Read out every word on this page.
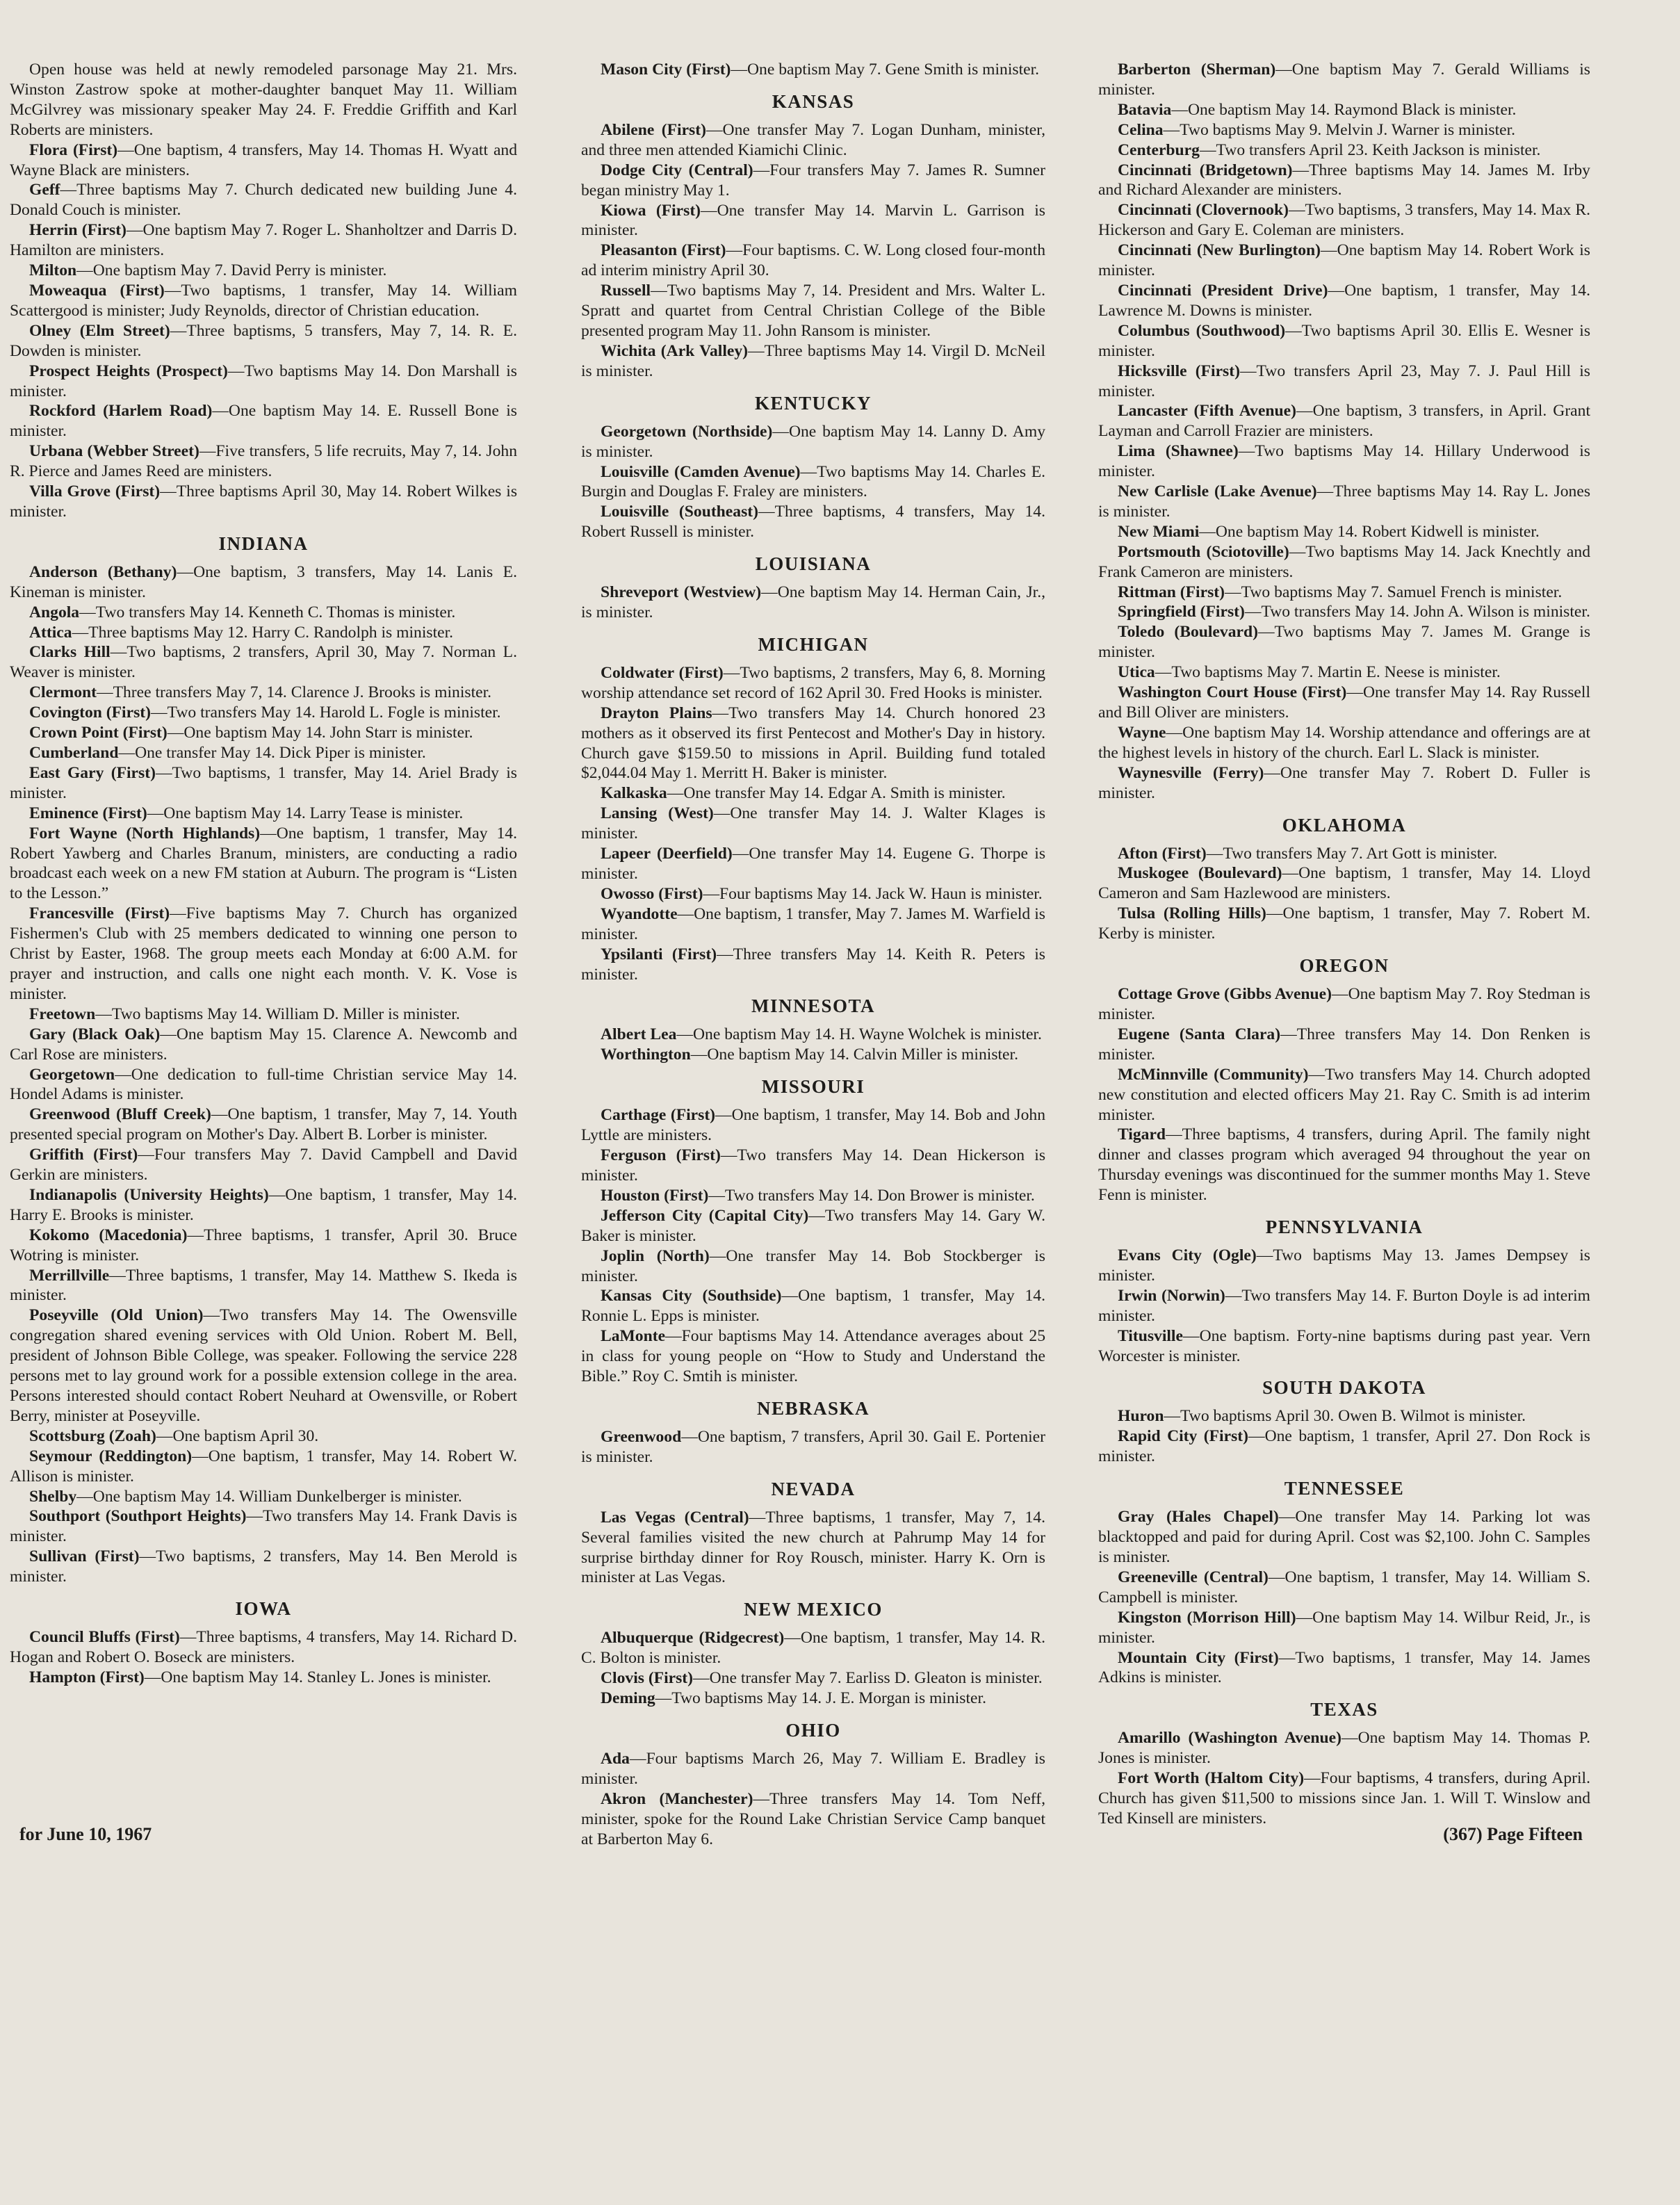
Open house was held at newly remodeled parsonage May 21. Mrs. Winston Zastrow spoke at mother-daughter banquet May 11. William McGilvrey was missionary speaker May 24. F. Freddie Griffith and Karl Roberts are ministers.

Flora (First)—One baptism, 4 transfers, May 14. Thomas H. Wyatt and Wayne Black are ministers.

Geff—Three baptisms May 7. Church dedicated new building June 4. Donald Couch is minister.

Herrin (First)—One baptism May 7. Roger L. Shanholtzer and Darris D. Hamilton are ministers.

Milton—One baptism May 7. David Perry is minister.

Moweaqua (First)—Two baptisms, 1 transfer, May 14. William Scattergood is minister; Judy Reynolds, director of Christian education.

Olney (Elm Street)—Three baptisms, 5 transfers, May 7, 14. R. E. Dowden is minister.

Prospect Heights (Prospect)—Two baptisms May 14. Don Marshall is minister.

Rockford (Harlem Road)—One baptism May 14. E. Russell Bone is minister.

Urbana (Webber Street)—Five transfers, 5 life recruits, May 7, 14. John R. Pierce and James Reed are ministers.

Villa Grove (First)—Three baptisms April 30, May 14. Robert Wilkes is minister.

INDIANA

Anderson (Bethany)—One baptism, 3 transfers, May 14. Lanis E. Kineman is minister.

Angola—Two transfers May 14. Kenneth C. Thomas is minister.

Attica—Three baptisms May 12. Harry C. Randolph is minister.

Clarks Hill—Two baptisms, 2 transfers, April 30, May 7. Norman L. Weaver is minister.

Clermont—Three transfers May 7, 14. Clarence J. Brooks is minister.

Covington (First)—Two transfers May 14. Harold L. Fogle is minister.

Crown Point (First)—One baptism May 14. John Starr is minister.

Cumberland—One transfer May 14. Dick Piper is minister.

East Gary (First)—Two baptisms, 1 transfer, May 14. Ariel Brady is minister.

Eminence (First)—One baptism May 14. Larry Tease is minister.

Fort Wayne (North Highlands)—One baptism, 1 transfer, May 14. Robert Yawberg and Charles Branum, ministers, are conducting a radio broadcast each week on a new FM station at Auburn. The program is “Listen to the Lesson.”

Francesville (First)—Five baptisms May 7. Church has organized Fishermen's Club with 25 members dedicated to winning one person to Christ by Easter, 1968. The group meets each Monday at 6:00 A.M. for prayer and instruction, and calls one night each month. V. K. Vose is minister.

Freetown—Two baptisms May 14. William D. Miller is minister.

Gary (Black Oak)—One baptism May 15. Clarence A. Newcomb and Carl Rose are ministers.

Georgetown—One dedication to full-time Christian service May 14. Hondel Adams is minister.

Greenwood (Bluff Creek)—One baptism, 1 transfer, May 7, 14. Youth presented special program on Mother's Day. Albert B. Lorber is minister.

Griffith (First)—Four transfers May 7. David Campbell and David Gerkin are ministers.

Indianapolis (University Heights)—One baptism, 1 transfer, May 14. Harry E. Brooks is minister.

Kokomo (Macedonia)—Three baptisms, 1 transfer, April 30. Bruce Wotring is minister.

Merrillville—Three baptisms, 1 transfer, May 14. Matthew S. Ikeda is minister.

Poseyville (Old Union)—Two transfers May 14. The Owensville congregation shared evening services with Old Union. Robert M. Bell, president of Johnson Bible College, was speaker. Following the service 228 persons met to lay ground work for a possible extension college in the area. Persons interested should contact Robert Neuhard at Owensville, or Robert Berry, minister at Poseyville.

Scottsburg (Zoah)—One baptism April 30.

Seymour (Reddington)—One baptism, 1 transfer, May 14. Robert W. Allison is minister.

Shelby—One baptism May 14. William Dunkelberger is minister.

Southport (Southport Heights)—Two transfers May 14. Frank Davis is minister.

Sullivan (First)—Two baptisms, 2 transfers, May 14. Ben Merold is minister.

IOWA

Council Bluffs (First)—Three baptisms, 4 transfers, May 14. Richard D. Hogan and Robert O. Boseck are ministers.

Hampton (First)—One baptism May 14. Stanley L. Jones is minister.

Mason City (First)—One baptism May 7. Gene Smith is minister.

KANSAS

Abilene (First)—One transfer May 7. Logan Dunham, minister, and three men attended Kiamichi Clinic.

Dodge City (Central)—Four transfers May 7. James R. Sumner began ministry May 1.

Kiowa (First)—One transfer May 14. Marvin L. Garrison is minister.

Pleasanton (First)—Four baptisms. C. W. Long closed four-month ad interim ministry April 30.

Russell—Two baptisms May 7, 14. President and Mrs. Walter L. Spratt and quartet from Central Christian College of the Bible presented program May 11. John Ransom is minister.

Wichita (Ark Valley)—Three baptisms May 14. Virgil D. McNeil is minister.

KENTUCKY

Georgetown (Northside)—One baptism May 14. Lanny D. Amy is minister.

Louisville (Camden Avenue)—Two baptisms May 14. Charles E. Burgin and Douglas F. Fraley are ministers.

Louisville (Southeast)—Three baptisms, 4 transfers, May 14. Robert Russell is minister.

LOUISIANA

Shreveport (Westview)—One baptism May 14. Herman Cain, Jr., is minister.

MICHIGAN

Coldwater (First)—Two baptisms, 2 transfers, May 6, 8. Morning worship attendance set record of 162 April 30. Fred Hooks is minister.

Drayton Plains—Two transfers May 14. Church honored 23 mothers as it observed its first Pentecost and Mother's Day in history. Church gave $159.50 to missions in April. Building fund totaled $2,044.04 May 1. Merritt H. Baker is minister.

Kalkaska—One transfer May 14. Edgar A. Smith is minister.

Lansing (West)—One transfer May 14. J. Walter Klages is minister.

Lapeer (Deerfield)—One transfer May 14. Eugene G. Thorpe is minister.

Owosso (First)—Four baptisms May 14. Jack W. Haun is minister.

Wyandotte—One baptism, 1 transfer, May 7. James M. Warfield is minister.

Ypsilanti (First)—Three transfers May 14. Keith R. Peters is minister.

MINNESOTA

Albert Lea—One baptism May 14. H. Wayne Wolchek is minister.

Worthington—One baptism May 14. Calvin Miller is minister.

MISSOURI

Carthage (First)—One baptism, 1 transfer, May 14. Bob and John Lyttle are ministers.

Ferguson (First)—Two transfers May 14. Dean Hickerson is minister.

Houston (First)—Two transfers May 14. Don Brower is minister.

Jefferson City (Capital City)—Two transfers May 14. Gary W. Baker is minister.

Joplin (North)—One transfer May 14. Bob Stockberger is minister.

Kansas City (Southside)—One baptism, 1 transfer, May 14. Ronnie L. Epps is minister.

LaMonte—Four baptisms May 14. Attendance averages about 25 in class for young people on “How to Study and Understand the Bible.” Roy C. Smtih is minister.

NEBRASKA

Greenwood—One baptism, 7 transfers, April 30. Gail E. Portenier is minister.

NEVADA

Las Vegas (Central)—Three baptisms, 1 transfer, May 7, 14. Several families visited the new church at Pahrump May 14 for surprise birthday dinner for Roy Rousch, minister. Harry K. Orn is minister at Las Vegas.

NEW MEXICO

Albuquerque (Ridgecrest)—One baptism, 1 transfer, May 14. R. C. Bolton is minister.

Clovis (First)—One transfer May 7. Earliss D. Gleaton is minister.

Deming—Two baptisms May 14. J. E. Morgan is minister.

OHIO

Ada—Four baptisms March 26, May 7. William E. Bradley is minister.

Akron (Manchester)—Three transfers May 14. Tom Neff, minister, spoke for the Round Lake Christian Service Camp banquet at Barberton May 6.

Barberton (Sherman)—One baptism May 7. Gerald Williams is minister.

Batavia—One baptism May 14. Raymond Black is minister.

Celina—Two baptisms May 9. Melvin J. Warner is minister.

Centerburg—Two transfers April 23. Keith Jackson is minister.

Cincinnati (Bridgetown)—Three baptisms May 14. James M. Irby and Richard Alexander are ministers.

Cincinnati (Clovernook)—Two baptisms, 3 transfers, May 14. Max R. Hickerson and Gary E. Coleman are ministers.

Cincinnati (New Burlington)—One baptism May 14. Robert Work is minister.

Cincinnati (President Drive)—One baptism, 1 transfer, May 14. Lawrence M. Downs is minister.

Columbus (Southwood)—Two baptisms April 30. Ellis E. Wesner is minister.

Hicksville (First)—Two transfers April 23, May 7. J. Paul Hill is minister.

Lancaster (Fifth Avenue)—One baptism, 3 transfers, in April. Grant Layman and Carroll Frazier are ministers.

Lima (Shawnee)—Two baptisms May 14. Hillary Underwood is minister.

New Carlisle (Lake Avenue)—Three baptisms May 14. Ray L. Jones is minister.

New Miami—One baptism May 14. Robert Kidwell is minister.

Portsmouth (Sciotoville)—Two baptisms May 14. Jack Knechtly and Frank Cameron are ministers.

Rittman (First)—Two baptisms May 7. Samuel French is minister.

Springfield (First)—Two transfers May 14. John A. Wilson is minister.

Toledo (Boulevard)—Two baptisms May 7. James M. Grange is minister.

Utica—Two baptisms May 7. Martin E. Neese is minister.

Washington Court House (First)—One transfer May 14. Ray Russell and Bill Oliver are ministers.

Wayne—One baptism May 14. Worship attendance and offerings are at the highest levels in history of the church. Earl L. Slack is minister.

Waynesville (Ferry)—One transfer May 7. Robert D. Fuller is minister.

OKLAHOMA

Afton (First)—Two transfers May 7. Art Gott is minister.

Muskogee (Boulevard)—One baptism, 1 transfer, May 14. Lloyd Cameron and Sam Hazlewood are ministers.

Tulsa (Rolling Hills)—One baptism, 1 transfer, May 7. Robert M. Kerby is minister.

OREGON

Cottage Grove (Gibbs Avenue)—One baptism May 7. Roy Stedman is minister.

Eugene (Santa Clara)—Three transfers May 14. Don Renken is minister.

McMinnville (Community)—Two transfers May 14. Church adopted new constitution and elected officers May 21. Ray C. Smith is ad interim minister.

Tigard—Three baptisms, 4 transfers, during April. The family night dinner and classes program which averaged 94 throughout the year on Thursday evenings was discontinued for the summer months May 1. Steve Fenn is minister.

PENNSYLVANIA

Evans City (Ogle)—Two baptisms May 13. James Dempsey is minister.

Irwin (Norwin)—Two transfers May 14. F. Burton Doyle is ad interim minister.

Titusville—One baptism. Forty-nine baptisms during past year. Vern Worcester is minister.

SOUTH DAKOTA

Huron—Two baptisms April 30. Owen B. Wilmot is minister.

Rapid City (First)—One baptism, 1 transfer, April 27. Don Rock is minister.

TENNESSEE

Gray (Hales Chapel)—One transfer May 14. Parking lot was blacktopped and paid for during April. Cost was $2,100. John C. Samples is minister.

Greeneville (Central)—One baptism, 1 transfer, May 14. William S. Campbell is minister.

Kingston (Morrison Hill)—One baptism May 14. Wilbur Reid, Jr., is minister.

Mountain City (First)—Two baptisms, 1 transfer, May 14. James Adkins is minister.

TEXAS

Amarillo (Washington Avenue)—One baptism May 14. Thomas P. Jones is minister.

Fort Worth (Haltom City)—Four baptisms, 4 transfers, during April. Church has given $11,500 to missions since Jan. 1. Will T. Winslow and Ted Kinsell are ministers.

for June 10, 1967	(367) Page Fifteen
